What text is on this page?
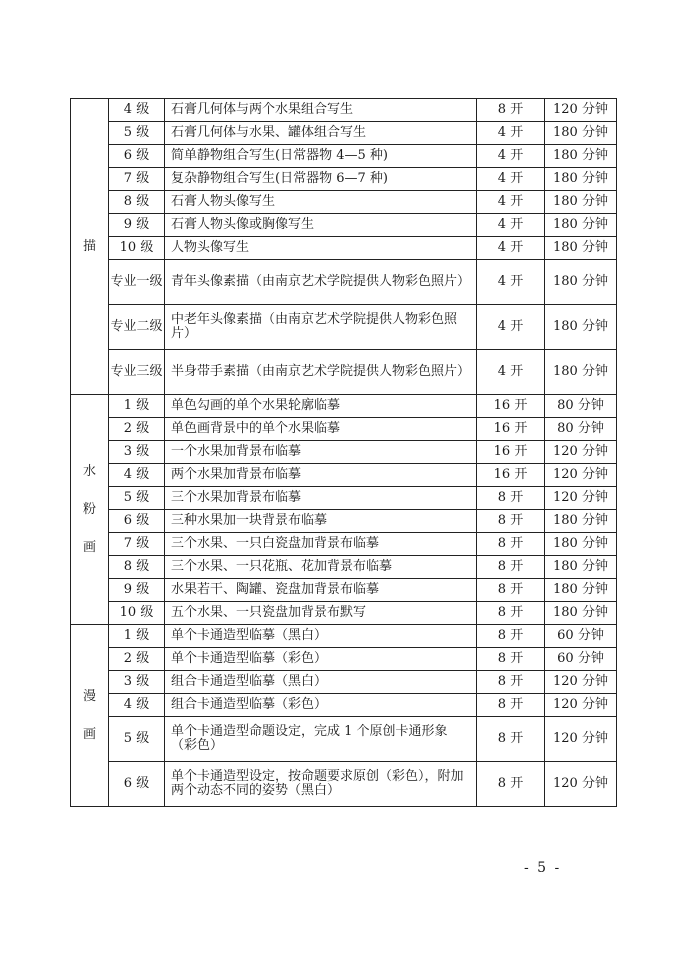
描	4 级	石膏几何体与两个水果组合写生	8 开	120 分钟
	5 级	石膏几何体与水果、罐体组合写生	4 开	180 分钟
	6 级	简单静物组合写生(日常器物 4—5 种)	4 开	180 分钟
	7 级	复杂静物组合写生(日常器物 6—7 种)	4 开	180 分钟
	8 级	石膏人物头像写生	4 开	180 分钟
	9 级	石膏人物头像或胸像写生	4 开	180 分钟
	10 级	人物头像写生	4 开	180 分钟
	专业一级	青年头像素描（由南京艺术学院提供人物彩色照片）	4 开	180 分钟
	专业二级	中老年头像素描（由南京艺术学院提供人物彩色照片）	4 开	180 分钟
	专业三级	半身带手素描（由南京艺术学院提供人物彩色照片）	4 开	180 分钟

水
粉
画	1 级	单色勾画的单个水果轮廓临摹	16 开	80 分钟
	2 级	单色画背景中的单个水果临摹	16 开	80 分钟
	3 级	一个水果加背景布临摹	16 开	120 分钟
	4 级	两个水果加背景布临摹	16 开	120 分钟
	5 级	三个水果加背景布临摹	8 开	120 分钟
	6 级	三种水果加一块背景布临摹	8 开	180 分钟
	7 级	三个水果、一只白瓷盘加背景布临摹	8 开	180 分钟
	8 级	三个水果、一只花瓶、花加背景布临摹	8 开	180 分钟
	9 级	水果若干、陶罐、瓷盘加背景布临摹	8 开	180 分钟
	10 级	五个水果、一只瓷盘加背景布默写	8 开	180 分钟

漫
画	1 级	单个卡通造型临摹（黑白）	8 开	60 分钟
	2 级	单个卡通造型临摹（彩色）	8 开	60 分钟
	3 级	组合卡通造型临摹（黑白）	8 开	120 分钟
	4 级	组合卡通造型临摹（彩色）	8 开	120 分钟
	5 级	单个卡通造型命题设定，完成 1 个原创卡通形象（彩色）	8 开	120 分钟
	6 级	单个卡通造型设定，按命题要求原创（彩色），附加两个动态不同的姿势（黑白）	8 开	120 分钟
- 5 -
